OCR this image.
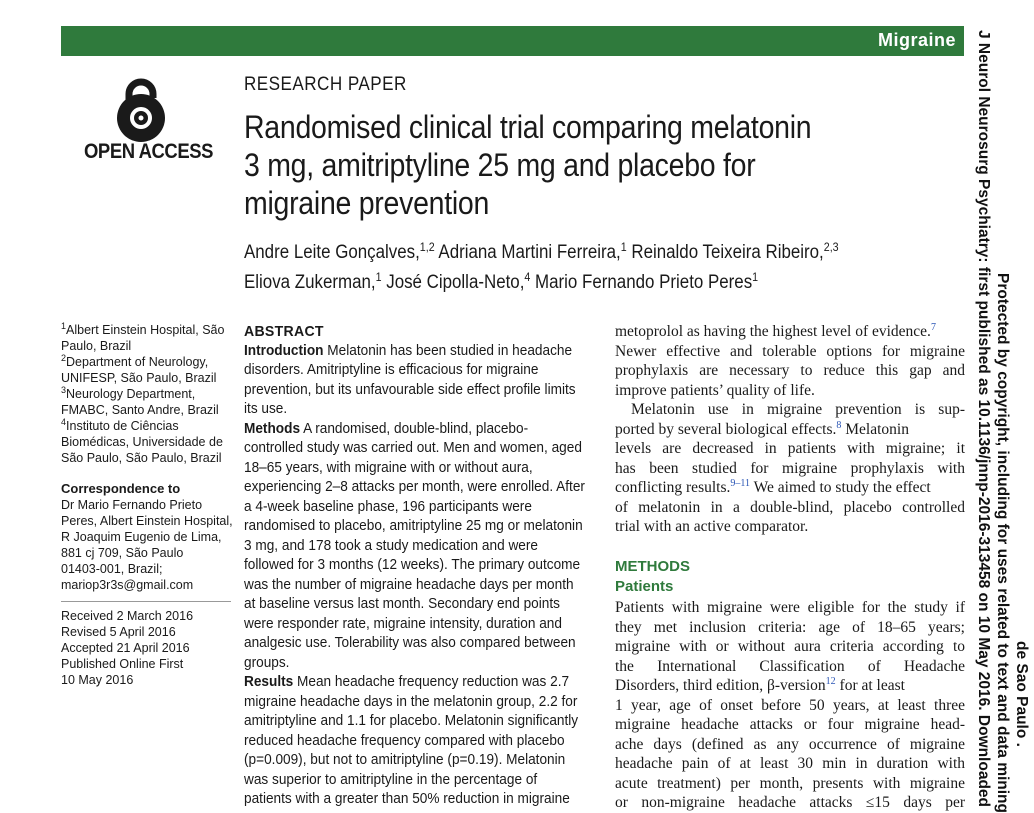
Migraine
OPEN ACCESS
RESEARCH PAPER
Randomised clinical trial comparing melatonin
3 mg, amitriptyline 25 mg and placebo for
migraine prevention
Andre Leite Gonçalves,$^{1,2}$ Adriana Martini Ferreira,$^1$ Reinaldo Teixeira Ribeiro,$^{2,3}$
Eliova Zukerman,$^1$ José Cipolla-Neto,$^4$ Mario Fernando Prieto Peres$^1$
$^1$Albert Einstein Hospital, São
Paulo, Brazil
$^2$Department of Neurology,
UNIFESP, São Paulo, Brazil
$^3$Neurology Department,
FMABC, Santo Andre, Brazil
$^4$Instituto de Ciências
Biomédicas, Universidade de
São Paulo, São Paulo, Brazil
Correspondence to
Dr Mario Fernando Prieto
Peres, Albert Einstein Hospital,
R Joaquim Eugenio de Lima,
881 cj 709, São Paulo
01403-001, Brazil;
mariop3r3s@gmail.com
Received 2 March 2016
Revised 5 April 2016
Accepted 21 April 2016
Published Online First
10 May 2016
ABSTRACT
Introduction Melatonin has been studied in headache
disorders. Amitriptyline is efficacious for migraine
prevention, but its unfavourable side effect profile limits
its use.
Methods A randomised, double-blind, placebo-
controlled study was carried out. Men and women, aged
18–65 years, with migraine with or without aura,
experiencing 2–8 attacks per month, were enrolled. After
a 4-week baseline phase, 196 participants were
randomised to placebo, amitriptyline 25 mg or melatonin
3 mg, and 178 took a study medication and were
followed for 3 months (12 weeks). The primary outcome
was the number of migraine headache days per month
at baseline versus last month. Secondary end points
were responder rate, migraine intensity, duration and
analgesic use. Tolerability was also compared between
groups.
Results Mean headache frequency reduction was 2.7
migraine headache days in the melatonin group, 2.2 for
amitriptyline and 1.1 for placebo. Melatonin significantly
reduced headache frequency compared with placebo
(p=0.009), but not to amitriptyline (p=0.19). Melatonin
was superior to amitriptyline in the percentage of
patients with a greater than 50% reduction in migraine
metoprolol as having the highest level of evidence.$^7$
Newer effective and tolerable options for migraine
prophylaxis are necessary to reduce this gap and
improve patients’ quality of life.
Melatonin use in migraine prevention is sup-
ported by several biological effects.$^8$ Melatonin
levels are decreased in patients with migraine; it
has been studied for migraine prophylaxis with
conflicting results.$^{9-11}$ We aimed to study the effect
of melatonin in a double-blind, placebo controlled
trial with an active comparator.
METHODS
Patients
Patients with migraine were eligible for the study if
they met inclusion criteria: age of 18–65 years;
migraine with or without aura criteria according to
the International Classification of Headache
Disorders, third edition, β-version$^{12}$ for at least
1 year, age of onset before 50 years, at least three
migraine headache attacks or four migraine head-
ache days (defined as any occurrence of migraine
headache pain of at least 30 min in duration with
acute treatment) per month, presents with migraine
or non-migraine headache attacks ≤15 days per J Neurol Neurosurg Psychiatry: first published as 10.1136/jnnp-2016-313458 on 10 May 2016. Downloaded Protected by copyright, including for uses related to text and data mining de Sao Paulo .
